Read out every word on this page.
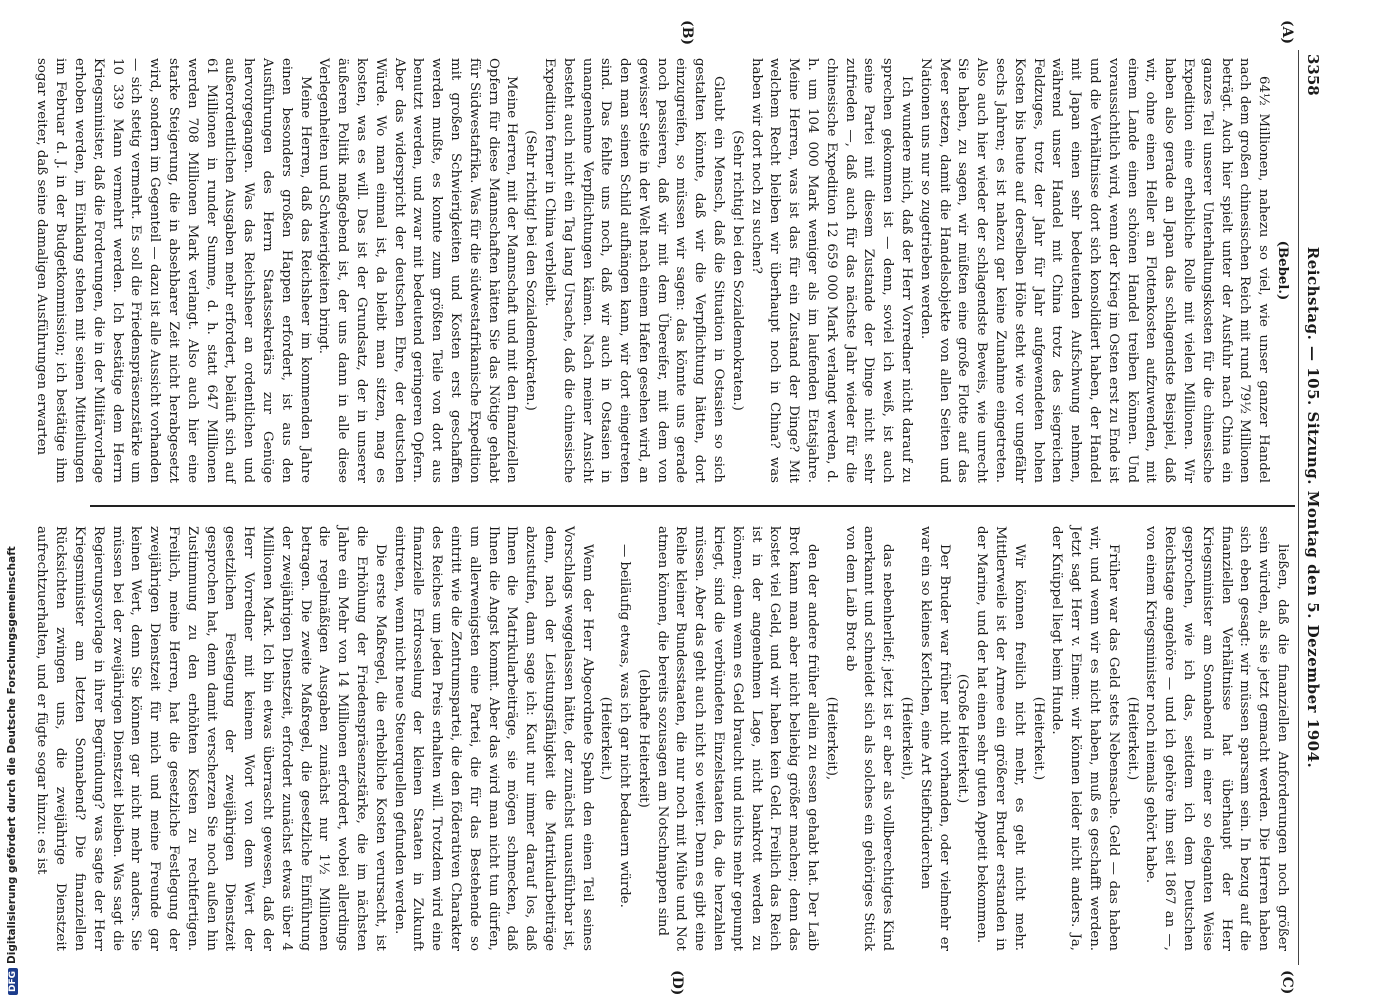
3358
Reichstag. — 105. Sitzung. Montag den 5. Dezember 1904.
(A)
(B)
(C)
(D)

(Bebel.)

64½ Millionen, nahezu so viel, wie unser ganzer Handel nach dem großen chinesischen Reich mit rund 79½ Millionen beträgt. Auch hier spielt unter der Ausfuhr nach China ein ganzes Teil unserer Unterhaltungskosten für die chinesische Expedition eine erhebliche Rolle mit vielen Millionen. Wir haben also gerade an Japan das schlagendste Beispiel, daß wir, ohne einen Heller an Flottenkosten aufzuwenden, mit einem Lande einen schönen Handel treiben können. Und voraussichtlich wird, wenn der Krieg im Osten erst zu Ende ist und die Verhältnisse dort sich konsolidiert haben, der Handel mit Japan einen sehr bedeutenden Aufschwung nehmen, während unser Handel mit China trotz des siegreichen Feldzuges, trotz der Jahr für Jahr aufgewendeten hohen Kosten bis heute auf derselben Höhe steht wie vor ungefähr sechs Jahren; es ist nahezu gar keine Zunahme eingetreten. Also auch hier wieder der schlagendste Beweis, wie unrecht Sie haben, zu sagen, wir müßten eine große Flotte auf das Meer setzen, damit die Handelsobjekte von allen Seiten und Nationen uns nur so zugetrieben werden.

Ich wundere mich, daß der Herr Vorredner nicht darauf zu sprechen gekommen ist — denn, soviel ich weiß, ist auch seine Partei mit diesem Zustande der Dinge nicht sehr zufrieden —, daß auch für das nächste Jahr wieder für die chinesische Expedition 12 659 000 Mark verlangt werden, d. h. um 104 000 Mark weniger als im laufenden Etatsjahre. Meine Herren, was ist das für ein Zustand der Dinge? Mit welchem Recht bleiben wir überhaupt noch in China? was haben wir dort noch zu suchen?

(Sehr richtig! bei den Sozialdemokraten.)

Glaubt ein Mensch, daß die Situation in Ostasien so sich gestalten könnte, daß wir die Verpflichtung hätten, dort einzugreifen, so müssen wir sagen: das könnte uns gerade noch passieren, daß wir mit dem Übereifer, mit dem von gewisser Seite in der Welt nach einem Hafen gesehen wird, an den man seinen Schild aufhängen kann, wir dort eingetreten sind. Das fehlte uns noch, daß wir auch in Ostasien in unangenehme Verpflichtungen kämen. Nach meiner Ansicht besteht auch nicht ein Tag lang Ursache, daß die chinesische Expedition ferner in China verbleibt.

(Sehr richtig! bei den Sozialdemokraten.)

Meine Herren, mit der Mannschaft und mit den finanziellen Opfern für diese Mannschaften hätten Sie das Nötige gehabt für Südwestafrika. Was für die südwestafrikanische Expedition mit großen Schwierigkeiten und Kosten erst geschaffen werden mußte, es konnte zum größten Teile von dort aus benutzt werden, und zwar mit bedeutend geringeren Opfern. Aber das widerspricht der deutschen Ehre, der deutschen Würde. Wo man einmal ist, da bleibt man sitzen, mag es kosten, was es will. Das ist der Grundsatz, der in unserer äußeren Politik maßgebend ist, der uns dann in alle diese Verlegenheiten und Schwierigkeiten bringt.

Meine Herren, daß das Reichsheer im kommenden Jahre einen besonders großen Happen erfordert, ist aus den Ausführungen des Herrn Staatssekretärs zur Genüge hervorgegangen. Was das Reichsheer an ordentlichen und außerordentlichen Ausgaben mehr erfordert, beläuft sich auf 61 Millionen in runder Summe, d. h. statt 647 Millionen werden 708 Millionen Mark verlangt. Also auch hier eine starke Steigerung, die in absehbarer Zeit nicht herabgesetzt wird, sondern im Gegenteil — dazu ist alle Aussicht vorhanden — sich stetig vermehrt. Es soll die Friedenspräsenzstärke um 10 339 Mann vermehrt werden. Ich bestätige dem Herrn Kriegsminister, daß die Forderungen, die in der Militärvorlage erhoben werden, im Einklang stehen mit seinen Mitteilungen im Februar d. J. in der Budgetkommission; ich bestätige ihm sogar weiter, daß seine damaligen Ausführungen erwarten

ließen, daß die finanziellen Anforderungen noch größer sein würden, als sie jetzt gemacht werden. Die Herren haben sich eben gesagt: wir müssen sparsam sein. In bezug auf die finanziellen Verhältnisse hat überhaupt der Herr Kriegsminister am Sonnabend in einer so eleganten Weise gesprochen, wie ich das, seitdem ich dem Deutschen Reichstage angehöre — und ich gehöre ihm seit 1867 an —, von einem Kriegsminister noch niemals gehört habe.

(Heiterkeit.)

Früher war das Geld stets Nebensache. Geld — das haben wir, und wenn wir es nicht haben, muß es geschafft werden. Jetzt sagt Herr v. Einem: wir können leider nicht anders. Ja, der Knüppel liegt beim Hunde.

(Heiterkeit.)

Wir können freilich nicht mehr, es geht nicht mehr. Mittlerweile ist der Armee ein größerer Bruder erstanden in der Marine, und der hat einen sehr guten Appetit bekommen.

(Große Heiterkeit.)

Der Bruder war früher nicht vorhanden, oder vielmehr er war ein so kleines Kerlchen, eine Art Stiefbrüderchen

(Heiterkeit),

das nebenherlief; jetzt ist er aber als vollberechtigtes Kind anerkannt und schneidet sich als solches ein gehöriges Stück von dem Laib Brot ab

(Heiterkeit),

den der andere früher allein zu essen gehabt hat. Der Laib Brot kann man aber nicht beliebig größer machen; denn das kostet viel Geld, und wir haben kein Geld. Freilich das Reich ist in der angenehmen Lage, nicht bankrott werden zu können; denn wenn es Geld braucht und nichts mehr gepumpt kriegt, sind die verbündeten Einzelstaaten da, die herzahlen müssen. Aber das geht auch nicht so weiter. Denn es gibt eine Reihe kleiner Bundesstaaten, die nur noch mit Mühe und Not atmen können, die bereits sozusagen am Notschnappen sind

(lebhafte Heiterkeit)

— beiläufig etwas, was ich gar nicht bedauern würde.

(Heiterkeit.)

Wenn der Herr Abgeordnete Spahn den einen Teil seines Vorschlags weggelassen hätte, der zunächst unausführbar ist, denn, nach der Leistungsfähigkeit die Matrikularbeiträge abzustufen, dann sage ich: Kaut nur immer darauf los, daß Ihnen die Matrikularbeiträge, sie mögen schmecken, daß Ihnen die Angst kommt. Aber das wird man nicht tun dürfen, um allerwenigsten eine Partei, die für das Bestehende so eintritt wie die Zentrumspartei, die den föderativen Charakter des Reiches um jeden Preis erhalten will. Trotzdem wird eine finanzielle Erdrosselung der kleinen Staaten in Zukunft eintreten, wenn nicht neue Steuerquellen gefunden werden.

Die erste Maßregel, die erhebliche Kosten verursacht, ist die Erhöhung der Friedenspräsenzstärke, die im nächsten Jahre ein Mehr von 14 Millionen erfordert, wobei allerdings die regelmäßigen Ausgaben zunächst nur 1½ Millionen betragen. Die zweite Maßregel, die gesetzliche Einführung der zweijährigen Dienstzeit, erfordert zunächst etwas über 4 Millionen Mark. Ich bin etwas überrascht gewesen, daß der Herr Vorredner mit keinem Wort von dem Wert der gesetzlichen Festlegung der zweijährigen Dienstzeit gesprochen hat, denn damit verscherzen Sie noch außen hin Zustimmung zu den erhöhten Kosten zu rechtfertigen. Freilich, meine Herren, hat die gesetzliche Festlegung der zweijährigen Dienstzeit für mich und meine Freunde gar keinen Wert, denn Sie können gar nicht mehr anders. Sie müssen bei der zweijährigen Dienstzeit bleiben. Was sagt die Regierungsvorlage in ihrer Begründung? was sagte der Herr Kriegsminister am letzten Sonnabend? Die finanziellen Rücksichten zwingen uns, die zweijährige Dienstzeit aufrechtzuerhalten, und er fügte sogar hinzu: es ist

DFGDigitalisierung gefördert durch die Deutsche Forschungsgemeinschaft
